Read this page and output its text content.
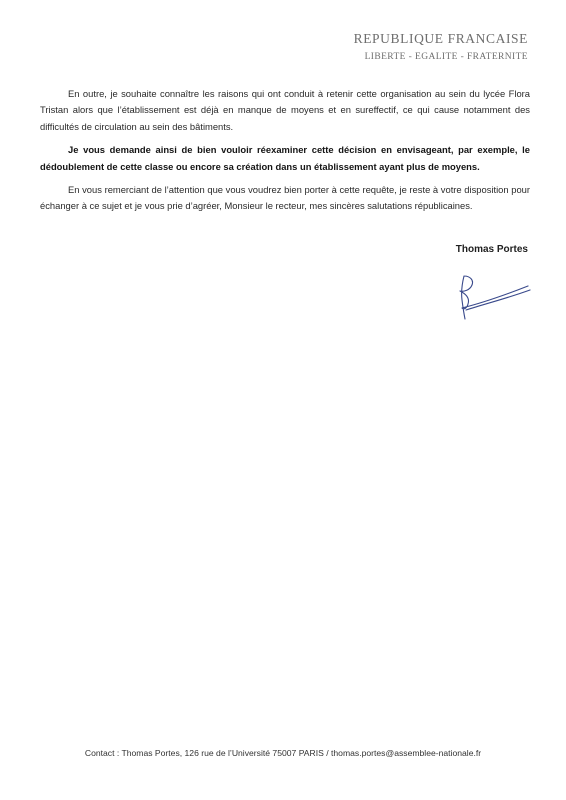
REPUBLIQUE FRANCAISE
LIBERTE - EGALITE - FRATERNITE

En outre, je souhaite connaître les raisons qui ont conduit à retenir cette organisation au sein du lycée Flora Tristan alors que l’établissement est déjà en manque de moyens et en sureffectif, ce qui cause notamment des difficultés de circulation au sein des bâtiments.

Je vous demande ainsi de bien vouloir réexaminer cette décision en envisageant, par exemple, le dédoublement de cette classe ou encore sa création dans un établissement ayant plus de moyens.

En vous remerciant de l’attention que vous voudrez bien porter à cette requête, je reste à votre disposition pour échanger à ce sujet et je vous prie d’agréer, Monsieur le recteur, mes sincères salutations républicaines.

Thomas Portes
Contact : Thomas Portes, 126 rue de l’Université 75007 PARIS / thomas.portes@assemblee-nationale.fr
